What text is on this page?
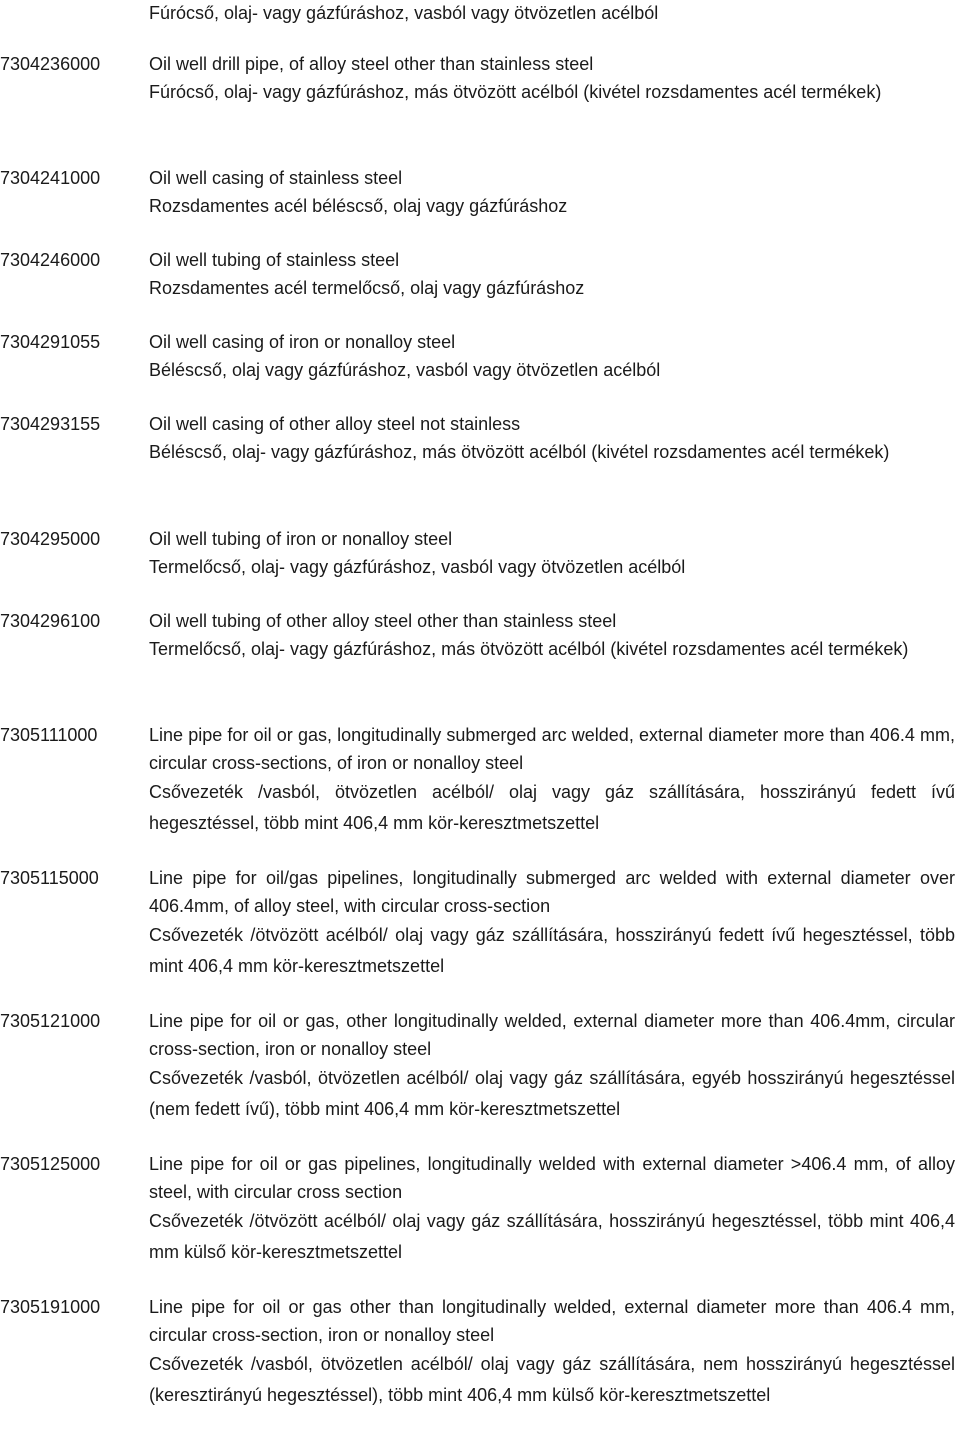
Fúrócső, olaj- vagy gázfúráshoz, vasból vagy ötvözetlen acélból
7304236000	Oil well drill pipe, of alloy steel other than stainless steel
Fúrócső, olaj- vagy gázfúráshoz, más ötvözött acélból (kivétel rozsdamentes acél termékek)
7304241000	Oil well casing of stainless steel
Rozsdamentes acél béléscső, olaj vagy gázfúráshoz
7304246000	Oil well tubing of stainless steel
Rozsdamentes acél termelőcső, olaj vagy gázfúráshoz
7304291055	Oil well casing of iron or nonalloy steel
Béléscső, olaj vagy gázfúráshoz, vasból vagy ötvözetlen acélból
7304293155	Oil well casing of other alloy steel not stainless
Béléscső, olaj- vagy gázfúráshoz, más ötvözött acélból (kivétel rozsdamentes acél termékek)
7304295000	Oil well tubing of iron or nonalloy steel
Termelőcső, olaj- vagy gázfúráshoz, vasból vagy ötvözetlen acélból
7304296100	Oil well tubing of other alloy steel other than stainless steel
Termelőcső, olaj- vagy gázfúráshoz, más ötvözött acélból (kivétel rozsdamentes acél termékek)
7305111000	Line pipe for oil or gas, longitudinally submerged arc welded, external diameter more than 406.4 mm, circular cross-sections, of iron or nonalloy steel
Csővezeték /vasból, ötvözetlen acélból/ olaj vagy gáz szállítására, hosszirányú fedett ívű hegesztéssel, több mint 406,4 mm kör-keresztmetszettel
7305115000	Line pipe for oil/gas pipelines, longitudinally submerged arc welded with external diameter over 406.4mm, of alloy steel, with circular cross-section
Csővezeték /ötvözött acélból/ olaj vagy gáz szállítására, hosszirányú fedett ívű hegesztéssel, több mint 406,4 mm kör-keresztmetszettel
7305121000	Line pipe for oil or gas, other longitudinally welded, external diameter more than 406.4mm, circular cross-section, iron or nonalloy steel
Csővezeték /vasból, ötvözetlen acélból/ olaj vagy gáz szállítására, egyéb hosszirányú hegesztéssel (nem fedett ívű), több mint 406,4 mm kör-keresztmetszettel
7305125000	Line pipe for oil or gas pipelines, longitudinally welded with external diameter >406.4 mm, of alloy steel, with circular cross section
Csővezeték /ötvözött acélból/ olaj vagy gáz szállítására, hosszirányú hegesztéssel, több mint 406,4 mm külső kör-keresztmetszettel
7305191000	Line pipe for oil or gas other than longitudinally welded, external diameter more than 406.4 mm, circular cross-section, iron or nonalloy steel
Csővezeték /vasból, ötvözetlen acélból/ olaj vagy gáz szállítására, nem hosszirányú hegesztéssel (keresztirányú hegesztéssel), több mint 406,4 mm külső kör-keresztmetszettel
